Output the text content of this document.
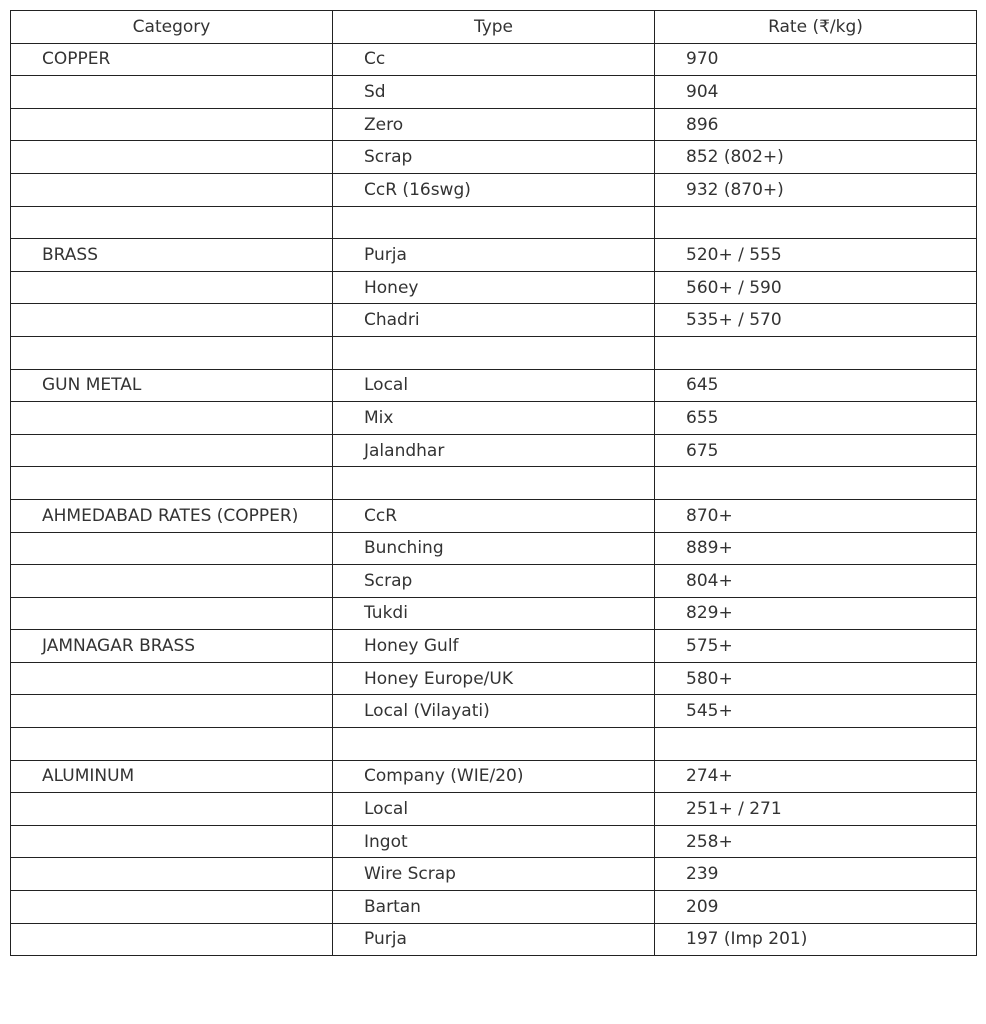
Category	Type	Rate (₹/kg)
COPPER	Cc	970
	Sd	904
	Zero	896
	Scrap	852 (802+)
	CcR (16swg)	932 (870+)

BRASS	Purja	520+ / 555
	Honey	560+ / 590
	Chadri	535+ / 570

GUN METAL	Local	645
	Mix	655
	Jalandhar	675

AHMEDABAD RATES (COPPER)	CcR	870+
	Bunching	889+
	Scrap	804+
	Tukdi	829+
JAMNAGAR BRASS	Honey Gulf	575+
	Honey Europe/UK	580+
	Local (Vilayati)	545+

ALUMINUM	Company (WIE/20)	274+
	Local	251+ / 271
	Ingot	258+
	Wire Scrap	239
	Bartan	209
	Purja	197 (Imp 201)
